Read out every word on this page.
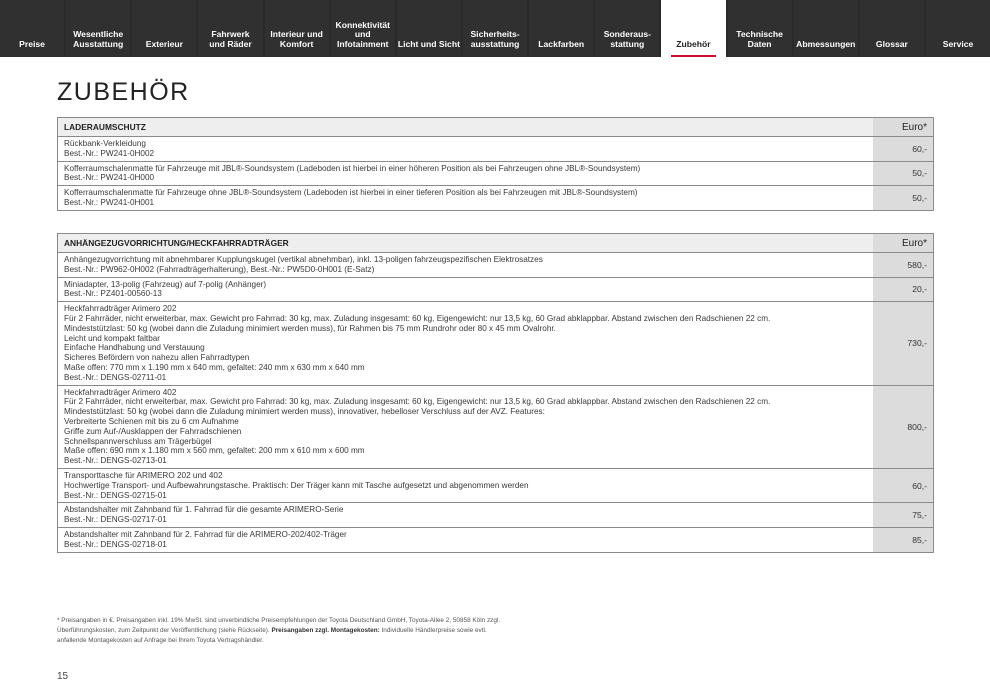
Preise
Wesentliche
Ausstattung	Exterieur
Fahrwerk
und Räder
Interieur und
Komfort
Konnektivität
und
Infotainment	Licht und Sicht
Sicherheits-
ausstattung	Lackfarben
Sonderaus-
stattung	Zubehör
Technische
Daten	Abmessungen	Glossar	Service
ZUBEHÖR
LADERAUMSCHUTZ	Euro*
Rückbank-Verkleidung
Best.-Nr.: PW241-0H002	60,-
Kofferraumschalenmatte für Fahrzeuge mit JBL®-Soundsystem (Ladeboden ist hierbei in einer höheren Position als bei Fahrzeugen ohne JBL®-Soundsystem)
Best.-Nr.: PW241-0H000	50,-
Kofferraumschalenmatte für Fahrzeuge ohne JBL®-Soundsystem (Ladeboden ist hierbei in einer tieferen Position als bei Fahrzeugen mit JBL®-Soundsystem)
Best.-Nr.: PW241-0H001	50,-
ANHÄNGEZUGVORRICHTUNG/HECKFAHRRADTRÄGER	Euro*
Anhängezugvorrichtung mit abnehmbarer Kupplungskugel (vertikal abnehmbar), inkl. 13-poligen fahrzeugspezifischen Elektrosatzes
Best.-Nr.: PW962-0H002 (Fahrradträgerhalterung), Best.-Nr.: PW5D0-0H001 (E-Satz)	580,-
Miniadapter, 13-polig (Fahrzeug) auf 7-polig (Anhänger)
Best.-Nr.: PZ401-00560-13	20,-
Heckfahrradträger Arimero 202
Für 2 Fahrräder, nicht erweiterbar, max. Gewicht pro Fahrrad: 30 kg, max. Zuladung insgesamt: 60 kg, Eigengewicht: nur 13,5 kg, 60 Grad abklappbar. Abstand zwischen den Radschienen 22 cm.
Mindeststützlast: 50 kg (wobei dann die Zuladung minimiert werden muss), für Rahmen bis 75 mm Rundrohr oder 80 x 45 mm Ovalrohr.
Leicht und kompakt faltbar
Einfache Handhabung und Verstauung
Sicheres Befördern von nahezu allen Fahrradtypen
Maße offen: 770 mm x 1.190 mm x 640 mm, gefaltet: 240 mm x 630 mm x 640 mm
Best.-Nr.: DENGS-02711-01
730,-
Heckfahrradträger Arimero 402
Für 2 Fahrräder, nicht erweiterbar, max. Gewicht pro Fahrrad: 30 kg, max. Zuladung insgesamt: 60 kg, Eigengewicht: nur 13,5 kg, 60 Grad abklappbar. Abstand zwischen den Radschienen 22 cm.
Mindeststützlast: 50 kg (wobei dann die Zuladung minimiert werden muss), innovativer, hebelloser Verschluss auf der AVZ. Features:
Verbreiterte Schienen mit bis zu 6 cm Aufnahme
Griffe zum Auf-/Ausklappen der Fahrradschienen
Schnellspannverschluss am Trägerbügel
Maße offen: 690 mm x 1.180 mm x 560 mm, gefaltet: 200 mm x 610 mm x 600 mm
Best.-Nr.: DENGS-02713-01
800,-
Transporttasche für ARIMERO 202 und 402
Hochwertige Transport- und Aufbewahrungstasche. Praktisch: Der Träger kann mit Tasche aufgesetzt und abgenommen werden
Best.-Nr.: DENGS-02715-01
60,-
Abstandshalter mit Zahnband für 1. Fahrrad für die gesamte ARIMERO-Serie
Best.-Nr.: DENGS-02717-01	75,-
Abstandshalter mit Zahnband für 2. Fahrrad für die ARIMERO-202/402-Träger
Best.-Nr.: DENGS-02718-01	85,-
* Preisangaben in €. Preisangaben inkl. 19% MwSt. sind unverbindliche Preisempfehlungen der Toyota Deutschland GmbH, Toyota-Allee 2, 50858 Köln zzgl.
Überführungskosten, zum Zeitpunkt der Veröffentlichung (siehe Rückseite). Preisangaben zzgl. Montagekosten: Individuelle Händlerpreise sowie evtl.
anfallende Montagekosten auf Anfrage bei Ihrem Toyota Vertragshändler.
15
